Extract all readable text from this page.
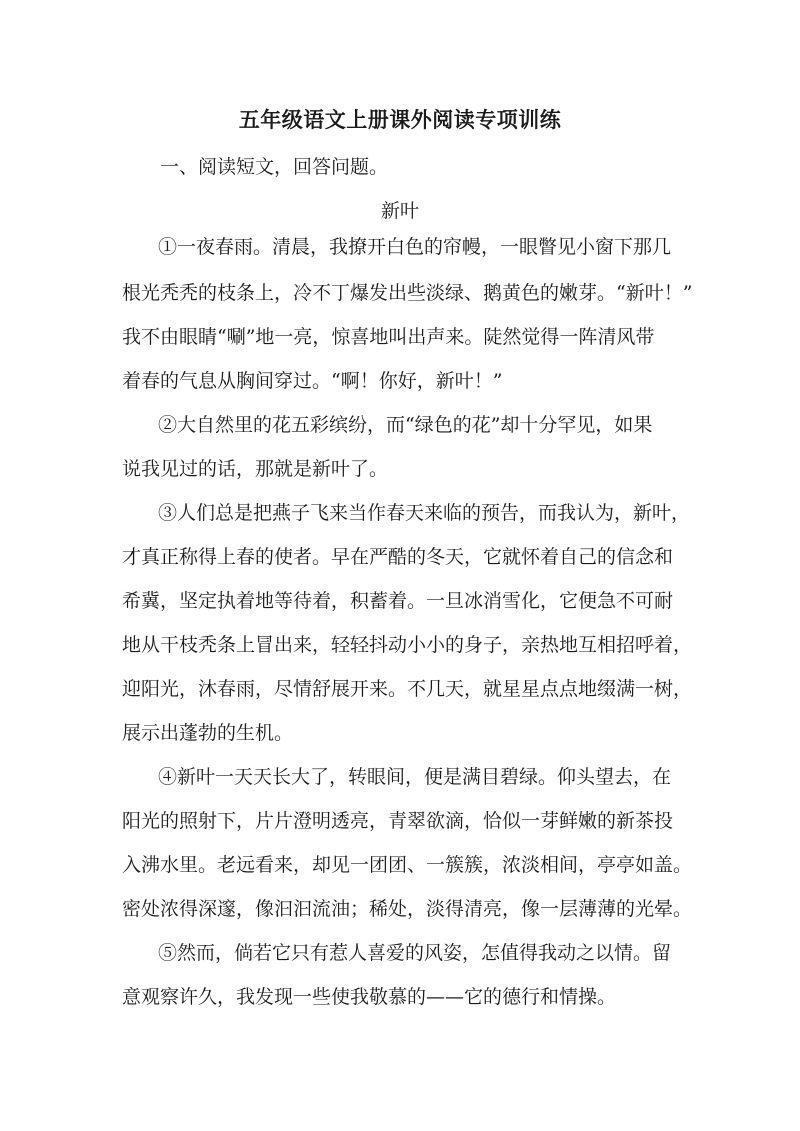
五年级语文上册课外阅读专项训练

一、阅读短文，回答问题。

新叶

①一夜春雨。清晨，我撩开白色的帘幔，一眼瞥见小窗下那几

根光秃秃的枝条上，冷不丁爆发出些淡绿、鹅黄色的嫩芽。“新叶！”

我不由眼睛“唰”地一亮，惊喜地叫出声来。陡然觉得一阵清风带

着春的气息从胸间穿过。“啊！你好，新叶！”

②大自然里的花五彩缤纷，而“绿色的花”却十分罕见，如果

说我见过的话，那就是新叶了。

③人们总是把燕子飞来当作春天来临的预告，而我认为，新叶，

才真正称得上春的使者。早在严酷的冬天，它就怀着自己的信念和

希冀，坚定执着地等待着，积蓄着。一旦冰消雪化，它便急不可耐

地从干枝秃条上冒出来，轻轻抖动小小的身子，亲热地互相招呼着，

迎阳光，沐春雨，尽情舒展开来。不几天，就星星点点地缀满一树，

展示出蓬勃的生机。

④新叶一天天长大了，转眼间，便是满目碧绿。仰头望去，在

阳光的照射下，片片澄明透亮，青翠欲滴，恰似一芽鲜嫩的新茶投

入沸水里。老远看来，却见一团团、一簇簇，浓淡相间，亭亭如盖。

密处浓得深邃，像汩汩流油；稀处，淡得清亮，像一层薄薄的光晕。

⑤然而，倘若它只有惹人喜爱的风姿，怎值得我动之以情。留

意观察许久，我发现一些使我敬慕的——它的德行和情操。
